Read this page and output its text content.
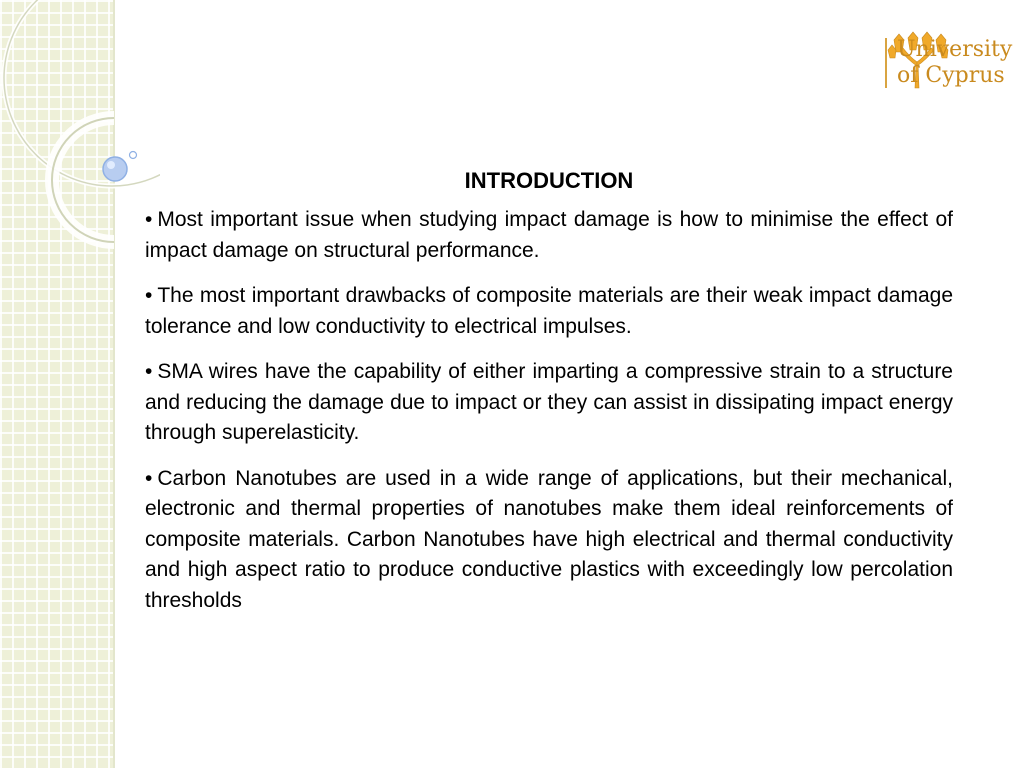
University
of Cyprus
INTRODUCTION

• Most important issue when studying impact damage is how to minimise the effect of impact damage on structural performance.

• The most important drawbacks of composite materials are their weak impact damage tolerance and low conductivity to electrical impulses.

• SMA wires have the capability of either imparting a compressive strain to a structure and reducing the damage due to impact or they can assist in dissipating impact energy through superelasticity.

• Carbon Nanotubes are used in a wide range of applications, but their mechanical, electronic and thermal properties of nanotubes make them ideal reinforcements of composite materials. Carbon Nanotubes have high electrical and thermal conductivity and high aspect ratio to produce conductive plastics with exceedingly low percolation thresholds
